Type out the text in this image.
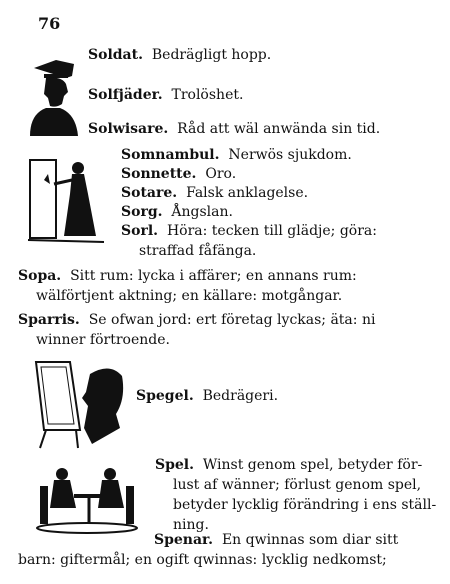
76
Soldat. Bedrägligt hopp.
Solfjäder. Trolöshet.
Solwisare. Råd att wäl anwända sin tid.
Somnambul. Nerwös sjukdom.
Sonnette. Oro.
Sotare. Falsk anklagelse.
Sorg. Ångslan.
Sorl. Höra: tecken till glädje; göra:
straffad fåfänga.
Sopa. Sitt rum: lycka i affärer; en annans rum:
wälförtjent aktning; en källare: motgångar.
Sparris. Se ofwan jord: ert företag lyckas; äta: ni
winner förtroende.
Spegel. Bedrägeri.
Spel. Winst genom spel, betyder för-
lust af wänner; förlust genom spel,
betyder lycklig förändring i ens ställ-
ning.
Spenar. En qwinnas som diar sitt
barn: giftermål; en ogift qwinnas: lycklig nedkomst;
